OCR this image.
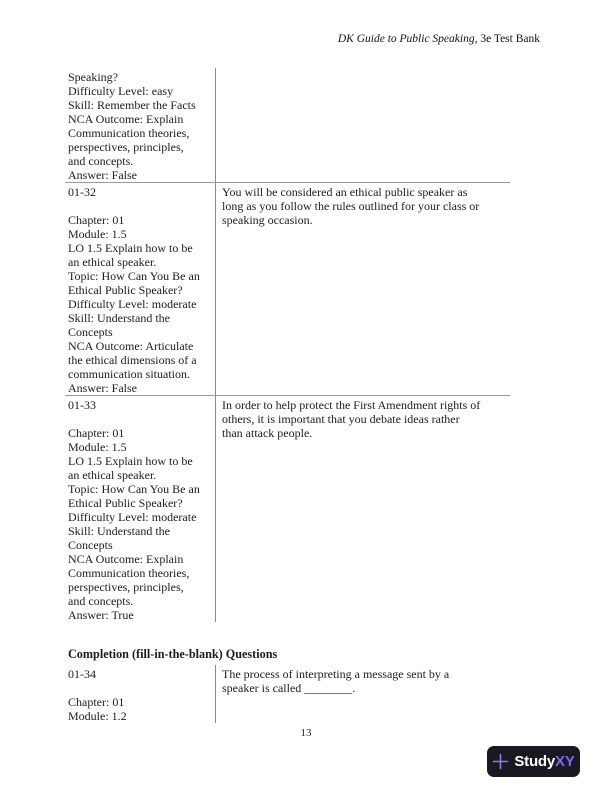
DK Guide to Public Speaking, 3e Test Bank
Speaking?
Difficulty Level: easy
Skill: Remember the Facts
NCA Outcome: Explain
Communication theories,
perspectives, principles,
and concepts.
Answer: False
01-32

Chapter: 01
Module: 1.5
LO 1.5 Explain how to be
an ethical speaker.
Topic: How Can You Be an
Ethical Public Speaker?
Difficulty Level: moderate
Skill: Understand the
Concepts
NCA Outcome: Articulate
the ethical dimensions of a
communication situation.
Answer: False
You will be considered an ethical public speaker as
long as you follow the rules outlined for your class or
speaking occasion.
01-33

Chapter: 01
Module: 1.5
LO 1.5 Explain how to be
an ethical speaker.
Topic: How Can You Be an
Ethical Public Speaker?
Difficulty Level: moderate
Skill: Understand the
Concepts
NCA Outcome: Explain
Communication theories,
perspectives, principles,
and concepts.
Answer: True
In order to help protect the First Amendment rights of
others, it is important that you debate ideas rather
than attack people.
Completion (fill-in-the-blank) Questions
01-34

Chapter: 01
Module: 1.2
The process of interpreting a message sent by a
speaker is called ________.
13
StudyXY
